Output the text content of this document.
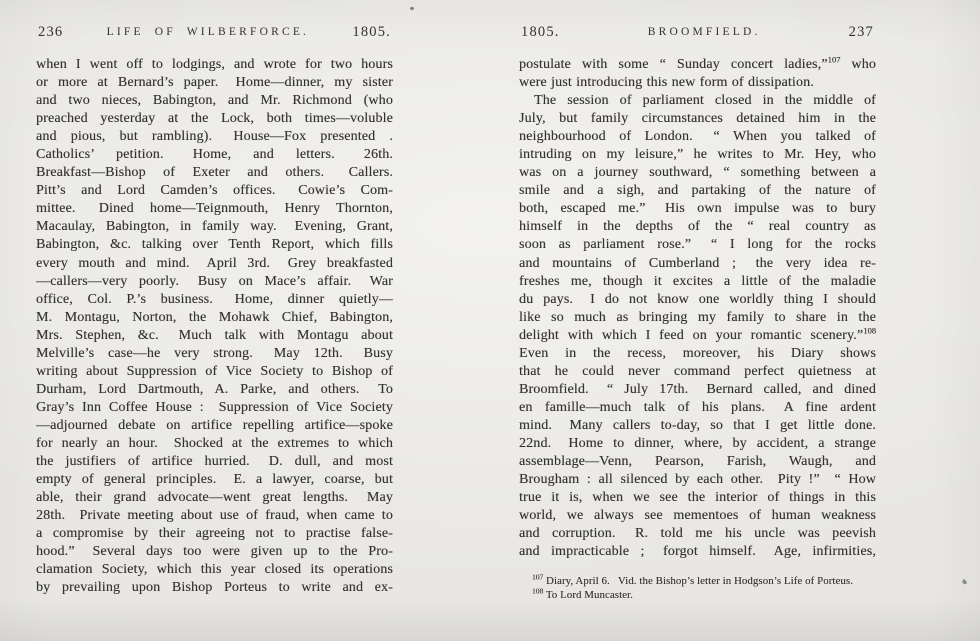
236	LIFE OF WILBERFORCE.	1805.
when I went off to lodgings, and wrote for two hours
or more at Bernard’s paper.  Home—dinner, my sister
and two nieces, Babington, and Mr. Richmond (who
preached yesterday at the Lock, both times—voluble
and pious, but rambling).  House—Fox presented .
Catholics’ petition.  Home, and letters.  26th.
Breakfast—Bishop of Exeter and others.  Callers.
Pitt’s and Lord Camden’s offices.  Cowie’s Com-
mittee.  Dined home—Teignmouth, Henry Thornton,
Macaulay, Babington, in family way.  Evening, Grant,
Babington, &c. talking over Tenth Report, which fills
every mouth and mind.  April 3rd.  Grey breakfasted
—callers—very poorly.  Busy on Mace’s affair.  War
office, Col. P.’s business.  Home, dinner quietly—
M. Montagu, Norton, the Mohawk Chief, Babington,
Mrs. Stephen, &c.  Much talk with Montagu about
Melville’s case—he very strong.  May 12th.  Busy
writing about Suppression of Vice Society to Bishop of
Durham, Lord Dartmouth, A. Parke, and others.  To
Gray’s Inn Coffee House :  Suppression of Vice Society
—adjourned debate on artifice repelling artifice—spoke
for nearly an hour.  Shocked at the extremes to which
the justifiers of artifice hurried.  D. dull, and most
empty of general principles.  E. a lawyer, coarse, but
able, their grand advocate—went great lengths.  May
28th.  Private meeting about use of fraud, when came to
a compromise by their agreeing not to practise false-
hood.”  Several days too were given up to the Pro-
clamation Society, which this year closed its operations
by prevailing upon Bishop Porteus to write and ex-
1805.	BROOMFIELD.	237
postulate with some “ Sunday concert ladies,”$^{107}$ who
were just introducing this new form of dissipation.
The session of parliament closed in the middle of
July, but family circumstances detained him in the
neighbourhood of London.  “ When you talked of
intruding on my leisure,” he writes to Mr. Hey, who
was on a journey southward, “ something between a
smile and a sigh, and partaking of the nature of
both, escaped me.”  His own impulse was to bury
himself in the depths of the “ real country as
soon as parliament rose.”  “ I long for the rocks
and mountains of Cumberland ;  the very idea re-
freshes me, though it excites a little of the maladie
du pays.  I do not know one worldly thing I should
like so much as bringing my family to share in the
delight with which I feed on your romantic scenery.”$^{108}$
Even in the recess, moreover, his Diary shows
that he could never command perfect quietness at
Broomfield.  “ July 17th.  Bernard called, and dined
en famille—much talk of his plans.  A fine ardent
mind.  Many callers to-day, so that I get little done.
22nd.  Home to dinner, where, by accident, a strange
assemblage—Venn, Pearson, Farish, Waugh, and
Brougham : all silenced by each other.  Pity !”  “ How
true it is, when we see the interior of things in this
world, we always see mementoes of human weakness
and corruption.  R. told me his uncle was peevish
and impracticable ;  forgot himself.  Age, infirmities,
$^{107}$ Diary, April 6.  Vid. the Bishop’s letter in Hodgson’s Life of Porteus.
$^{108}$ To Lord Muncaster.
